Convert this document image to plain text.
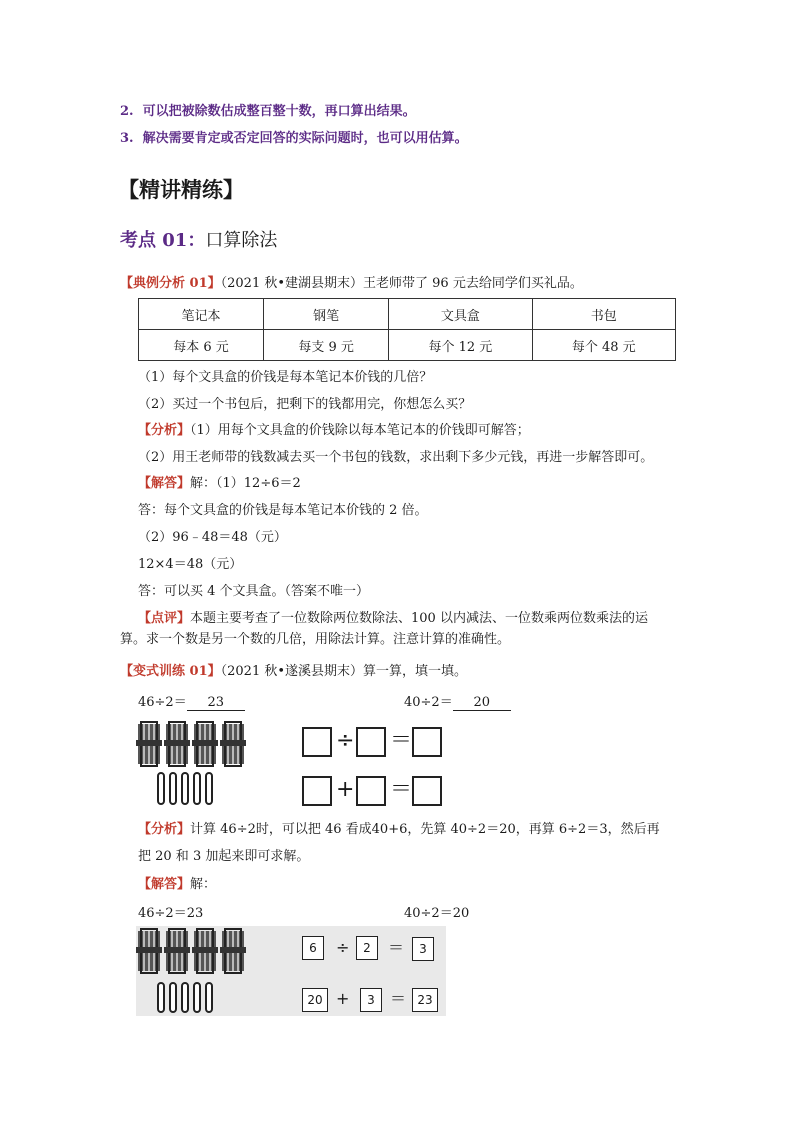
2. 可以把被除数估成整百整十数，再口算出结果。
3. 解决需要肯定或否定回答的实际问题时，也可以用估算。
【精讲精练】
考点 01：口算除法
【典例分析 01】（2021 秋•建湖县期末）王老师带了 96 元去给同学们买礼品。
笔记本	钢笔	文具盒	书包
每本 6 元	每支 9 元	每个 12 元	每个 48 元
（1）每个文具盒的价钱是每本笔记本价钱的几倍？
（2）买过一个书包后，把剩下的钱都用完，你想怎么买？
【分析】（1）用每个文具盒的价钱除以每本笔记本的价钱即可解答；
（2）用王老师带的钱数减去买一个书包的钱数，求出剩下多少元钱，再进一步解答即可。
【解答】解：（1）12÷6＝2
答：每个文具盒的价钱是每本笔记本价钱的 2 倍。
（2）96﹣48＝48（元）
12×4＝48（元）
答：可以买 4 个文具盒。（答案不唯一）
【点评】本题主要考查了一位数除两位数除法、100 以内减法、一位数乘两位数乘法的运
算。求一个数是另一个数的几倍，用除法计算。注意计算的准确性。
【变式训练 01】（2021 秋•遂溪县期末）算一算，填一填。
46÷2＝ 23	40÷2＝ 20
÷ ＝
+ ＝
【分析】计算 46÷2时，可以把 46 看成40+6，先算 40÷2＝20，再算 6÷2＝3，然后再
把 20 和 3 加起来即可求解。
【解答】解：
46÷2＝23	40÷2＝20
6	÷	2	＝	3
20 +	3 ＝ 23
